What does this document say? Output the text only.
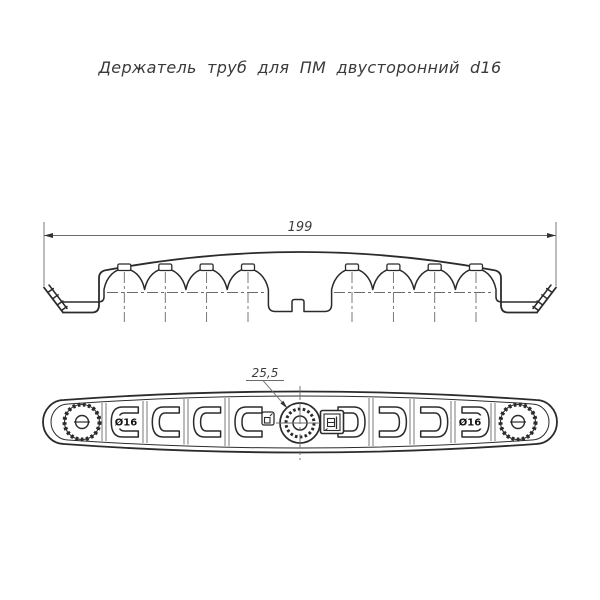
Держатель труб для ПМ двусторонний d16
199
Ø16	Ø16
25,5
